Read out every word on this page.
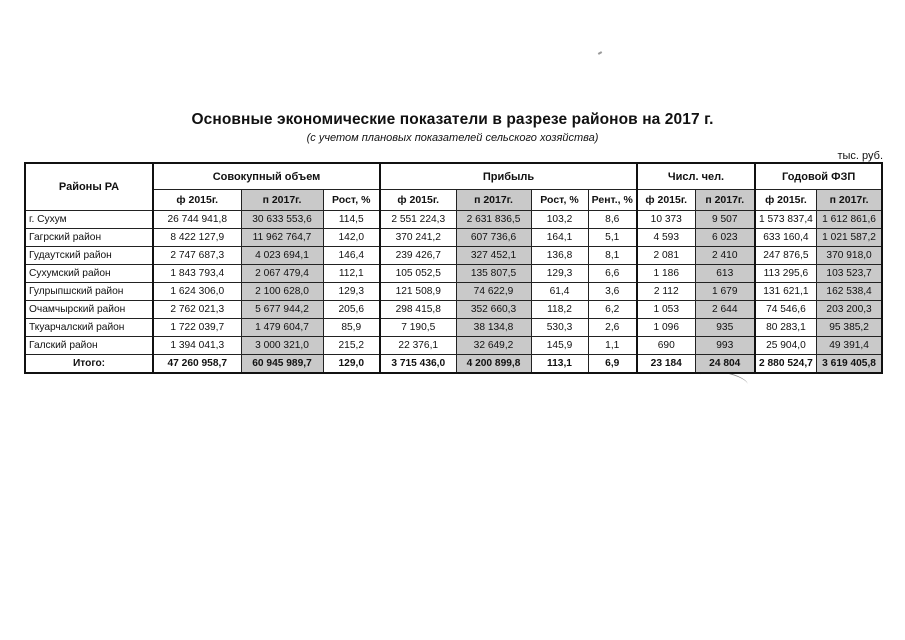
Основные экономические показатели в разрезе районов на 2017 г.
(с учетом плановых показателей сельского хозяйства)
тыс. руб.
Районы РА	Совокупный объем			Прибыль				Числ. чел.		Годовой ФЗП	
	ф 2015г.	п 2017г.	Рост, %	ф 2015г.	п 2017г.	Рост, %	Рент., %	ф 2015г.	п 2017г.	ф 2015г.	п 2017г.
г. Сухум	26 744 941,8	30 633 553,6	114,5	2 551 224,3	2 631 836,5	103,2	8,6	10 373	9 507	1 573 837,4	1 612 861,6
Гагрский район	8 422 127,9	11 962 764,7	142,0	370 241,2	607 736,6	164,1	5,1	4 593	6 023	633 160,4	1 021 587,2
Гудаутский район	2 747 687,3	4 023 694,1	146,4	239 426,7	327 452,1	136,8	8,1	2 081	2 410	247 876,5	370 918,0
Сухумский район	1 843 793,4	2 067 479,4	112,1	105 052,5	135 807,5	129,3	6,6	1 186	613	113 295,6	103 523,7
Гулрыпшский район	1 624 306,0	2 100 628,0	129,3	121 508,9	74 622,9	61,4	3,6	2 112	1 679	131 621,1	162 538,4
Очамчырский район	2 762 021,3	5 677 944,2	205,6	298 415,8	352 660,3	118,2	6,2	1 053	2 644	74 546,6	203 200,3
Ткуарчалский район	1 722 039,7	1 479 604,7	85,9	7 190,5	38 134,8	530,3	2,6	1 096	935	80 283,1	95 385,2
Галский район	1 394 041,3	3 000 321,0	215,2	22 376,1	32 649,2	145,9	1,1	690	993	25 904,0	49 391,4
Итого:	47 260 958,7	60 945 989,7	129,0	3 715 436,0	4 200 899,8	113,1	6,9	23 184	24 804	2 880 524,7	3 619 405,8
